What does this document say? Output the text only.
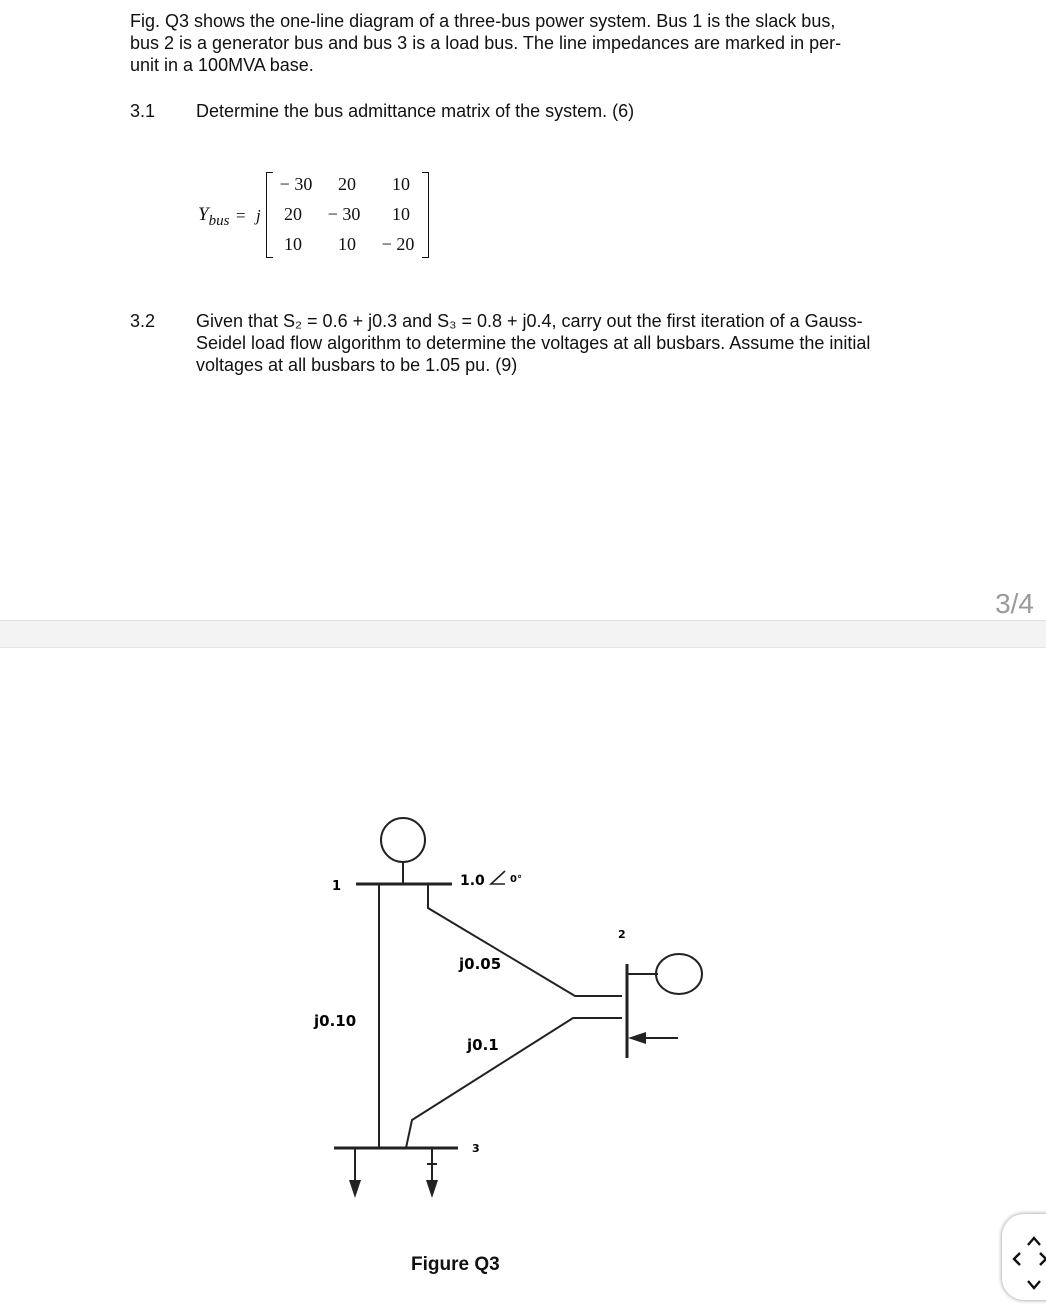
Fig. Q3 shows the one-line diagram of a three-bus power system. Bus 1 is the slack bus,
bus 2 is a generator bus and bus 3 is a load bus. The line impedances are marked in per-
unit in a 100MVA base.
3.1 Determine the bus admittance matrix of the system. (6)
$Y_{bus} = j$
− 30	20	10
20	− 30	10
10	10	− 20
3.2 Given that S₂ = 0.6 + j0.3 and S₃ = 0.8 + j0.4, carry out the first iteration of a Gauss-
Seidel load flow algorithm to determine the voltages at all busbars. Assume the initial
voltages at all busbars to be 1.05 pu. (9)
3/4
1
2
3
1.0	0°
j0.05
j0.10
j0.1
Figure Q3
